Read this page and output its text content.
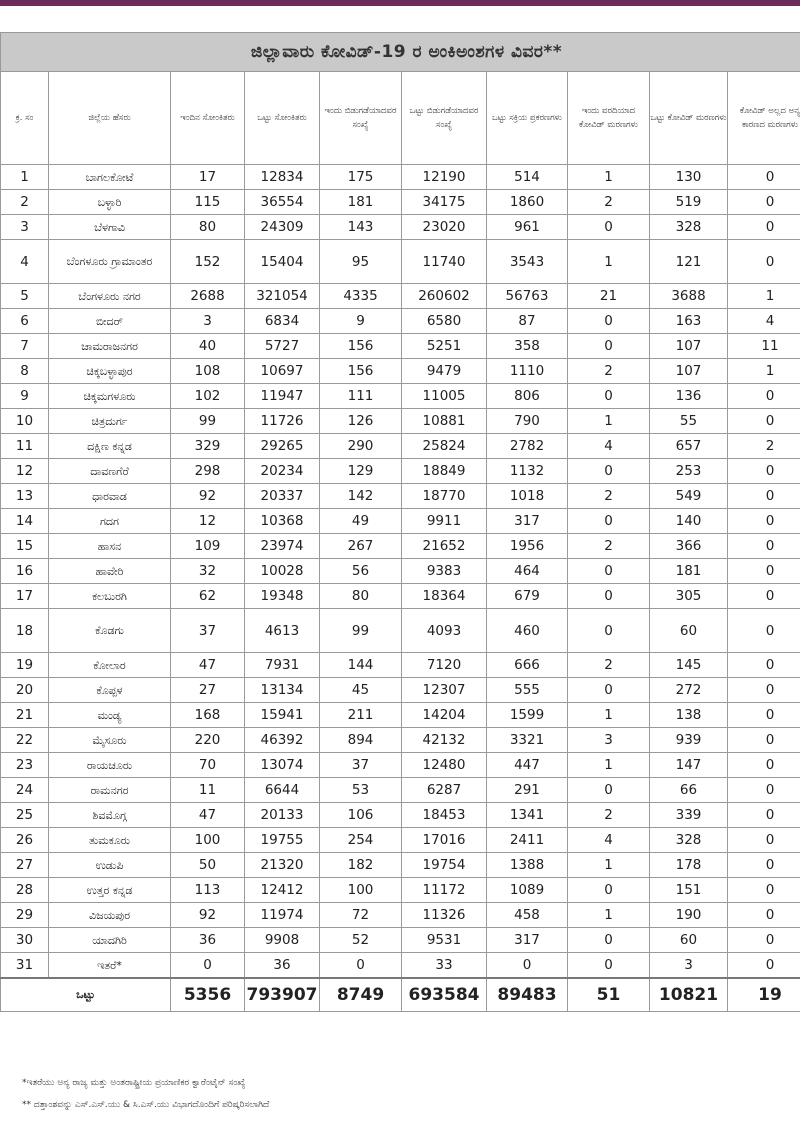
ಜಿಲ್ಲಾವಾರು ಕೋವಿಡ್-19 ರ ಅಂಕಿಅಂಶಗಳ ವಿವರ**									
ಕ್ರ. ಸಂ	ಜಿಲ್ಲೆಯ ಹೆಸರು	ಇಂದಿನ ಸೋಂಕಿತರು	ಒಟ್ಟು ಸೋಂಕಿತರು	ಇಂದು ಬಿಡುಗಡೆಯಾದವರ ಸಂಖ್ಯೆ	ಒಟ್ಟು ಬಿಡುಗಡೆಯಾದವರ ಸಂಖ್ಯೆ	ಒಟ್ಟು ಸಕ್ರಿಯ ಪ್ರಕರಣಗಳು	ಇಂದು ವರದಿಯಾದ ಕೋವಿಡ್ ಮರಣಗಳು	ಒಟ್ಟು ಕೋವಿಡ್ ಮರಣಗಳು	ಕೋವಿಡ್ ಅಲ್ಲದ ಅನ್ಯ ಕಾರಣದ ಮರಣಗಳು
1	ಬಾಗಲಕೋಟೆ	17	12834	175	12190	514	1	130	0
2	ಬಳ್ಳಾರಿ	115	36554	181	34175	1860	2	519	0
3	ಬೆಳಗಾವಿ	80	24309	143	23020	961	0	328	0
4	ಬೆಂಗಳೂರು ಗ್ರಾಮಾಂತರ	152	15404	95	11740	3543	1	121	0
5	ಬೆಂಗಳೂರು ನಗರ	2688	321054	4335	260602	56763	21	3688	1
6	ಬೀದರ್	3	6834	9	6580	87	0	163	4
7	ಚಾಮರಾಜನಗರ	40	5727	156	5251	358	0	107	11
8	ಚಿಕ್ಕಬಳ್ಳಾಪುರ	108	10697	156	9479	1110	2	107	1
9	ಚಿಕ್ಕಮಗಳೂರು	102	11947	111	11005	806	0	136	0
10	ಚಿತ್ರದುರ್ಗ	99	11726	126	10881	790	1	55	0
11	ದಕ್ಷಿಣ ಕನ್ನಡ	329	29265	290	25824	2782	4	657	2
12	ದಾವಣಗೆರೆ	298	20234	129	18849	1132	0	253	0
13	ಧಾರವಾಡ	92	20337	142	18770	1018	2	549	0
14	ಗದಗ	12	10368	49	9911	317	0	140	0
15	ಹಾಸನ	109	23974	267	21652	1956	2	366	0
16	ಹಾವೇರಿ	32	10028	56	9383	464	0	181	0
17	ಕಲಬುರಗಿ	62	19348	80	18364	679	0	305	0
18	ಕೊಡಗು	37	4613	99	4093	460	0	60	0
19	ಕೋಲಾರ	47	7931	144	7120	666	2	145	0
20	ಕೊಪ್ಪಳ	27	13134	45	12307	555	0	272	0
21	ಮಂಡ್ಯ	168	15941	211	14204	1599	1	138	0
22	ಮೈಸೂರು	220	46392	894	42132	3321	3	939	0
23	ರಾಯಚೂರು	70	13074	37	12480	447	1	147	0
24	ರಾಮನಗರ	11	6644	53	6287	291	0	66	0
25	ಶಿವಮೊಗ್ಗ	47	20133	106	18453	1341	2	339	0
26	ತುಮಕೂರು	100	19755	254	17016	2411	4	328	0
27	ಉಡುಪಿ	50	21320	182	19754	1388	1	178	0
28	ಉತ್ತರ ಕನ್ನಡ	113	12412	100	11172	1089	0	151	0
29	ವಿಜಯಪುರ	92	11974	72	11326	458	1	190	0
30	ಯಾದಗಿರಿ	36	9908	52	9531	317	0	60	0
31	ಇತರೆ*	0	36	0	33	0	0	3	0
ಒಟ್ಟು		5356	793907	8749	693584	89483	51	10821	19
*ಇತರೆಯು ಅನ್ಯ ರಾಜ್ಯ ಮತ್ತು ಅಂತರಾಷ್ಟ್ರೀಯ ಪ್ರಯಾಣಿಕರ ಕ್ವಾರೆಂಟೈನ್ ಸಂಖ್ಯೆ
** ದತ್ತಾಂಶವನ್ನು ಎಸ್.ಎಸ್.ಯು & ಸಿ.ಎಸ್.ಯು ವಿಭಾಗದೊಂದಿಗೆ ಪರಿಷ್ಕರಿಸಲಾಗಿದೆ
